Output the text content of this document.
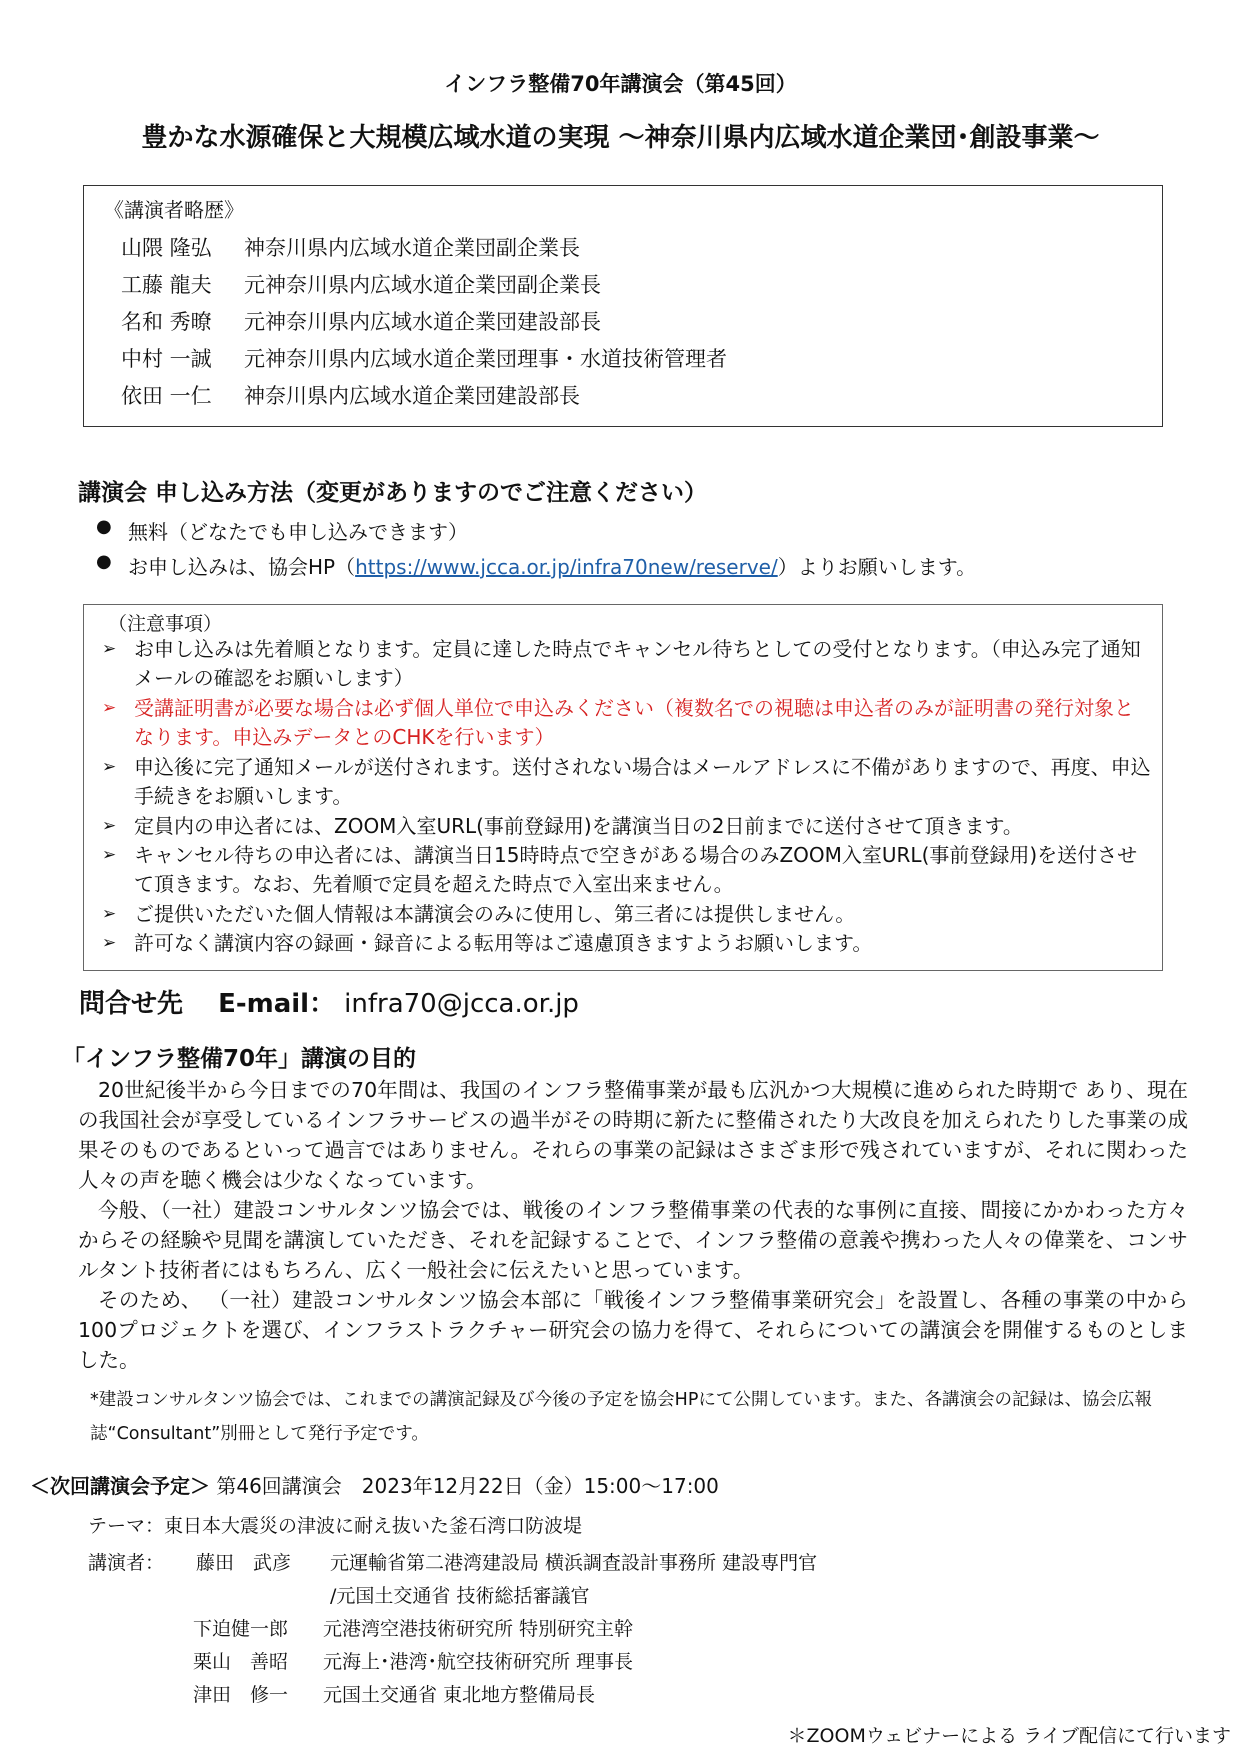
インフラ整備70年講演会（第45回）
豊かな水源確保と大規模広域水道の実現 ～神奈川県内広域水道企業団･創設事業～
《講演者略歴》
山隈 隆弘 神奈川県内広域水道企業団副企業長
工藤 龍夫 元神奈川県内広域水道企業団副企業長
名和 秀暸 元神奈川県内広域水道企業団建設部長
中村 一誠 元神奈川県内広域水道企業団理事・水道技術管理者
依田 一仁 神奈川県内広域水道企業団建設部長
講演会 申し込み方法（変更がありますのでご注意ください）
● 無料（どなたでも申し込みできます）
● お申し込みは、協会HP（https://www.jcca.or.jp/infra70new/reserve/）よりお願いします。
（注意事項）
➢ お申し込みは先着順となります。定員に達した時点でキャンセル待ちとしての受付となります。（申込み完了通知メールの確認をお願いします）
➢ 受講証明書が必要な場合は必ず個人単位で申込みください（複数名での視聴は申込者のみが証明書の発行対象となります。申込みデータとのCHKを行います）
➢ 申込後に完了通知メールが送付されます。送付されない場合はメールアドレスに不備がありますので、再度、申込手続きをお願いします。
➢ 定員内の申込者には、ZOOM入室URL(事前登録用)を講演当日の2日前までに送付させて頂きます。
➢ キャンセル待ちの申込者には、講演当日15時時点で空きがある場合のみZOOM入室URL(事前登録用)を送付させて頂きます。なお、先着順で定員を超えた時点で入室出来ません。
➢ ご提供いただいた個人情報は本講演会のみに使用し、第三者には提供しません。
➢ 許可なく講演内容の録画・録音による転用等はご遠慮頂きますようお願いします。
問合せ先　 E-mail： infra70@jcca.or.jp
「インフラ整備70年」講演の目的
20世紀後半から今日までの70年間は、我国のインフラ整備事業が最も広汎かつ大規模に進められた時期で あり、現在の我国社会が享受しているインフラサービスの過半がその時期に新たに整備されたり大改良を加えられたりした事業の成果そのものであるといって過言ではありません。それらの事業の記録はさまざま形で残されていますが、それに関わった人々の声を聴く機会は少なくなっています。
今般、（一社）建設コンサルタンツ協会では、戦後のインフラ整備事業の代表的な事例に直接、間接にかかわった方々からその経験や見聞を講演していただき、それを記録することで、インフラ整備の意義や携わった人々の偉業を、コンサルタント技術者にはもちろん、広く一般社会に伝えたいと思っています。
そのため、 （一社）建設コンサルタンツ協会本部に「戦後インフラ整備事業研究会」を設置し、各種の事業の中から100プロジェクトを選び、インフラストラクチャー研究会の協力を得て、それらについての講演会を開催するものとしました。
*建設コンサルタンツ協会では、これまでの講演記録及び今後の予定を協会HPにて公開しています。また、各講演会の記録は、協会広報誌“Consultant”別冊として発行予定です。
＜次回講演会予定＞ 第46回講演会　2023年12月22日（金）15:00～17:00
テーマ：東日本大震災の津波に耐え抜いた釜石湾口防波堤
講演者： 藤田　武彦 元運輸省第二港湾建設局 横浜調査設計事務所 建設専門官
/元国土交通省 技術総括審議官
下迫健一郎 元港湾空港技術研究所 特別研究主幹
栗山　善昭 元海上･港湾･航空技術研究所 理事長
津田　修一 元国土交通省 東北地方整備局長
＊ZOOMウェビナーによる ライブ配信にて行います
